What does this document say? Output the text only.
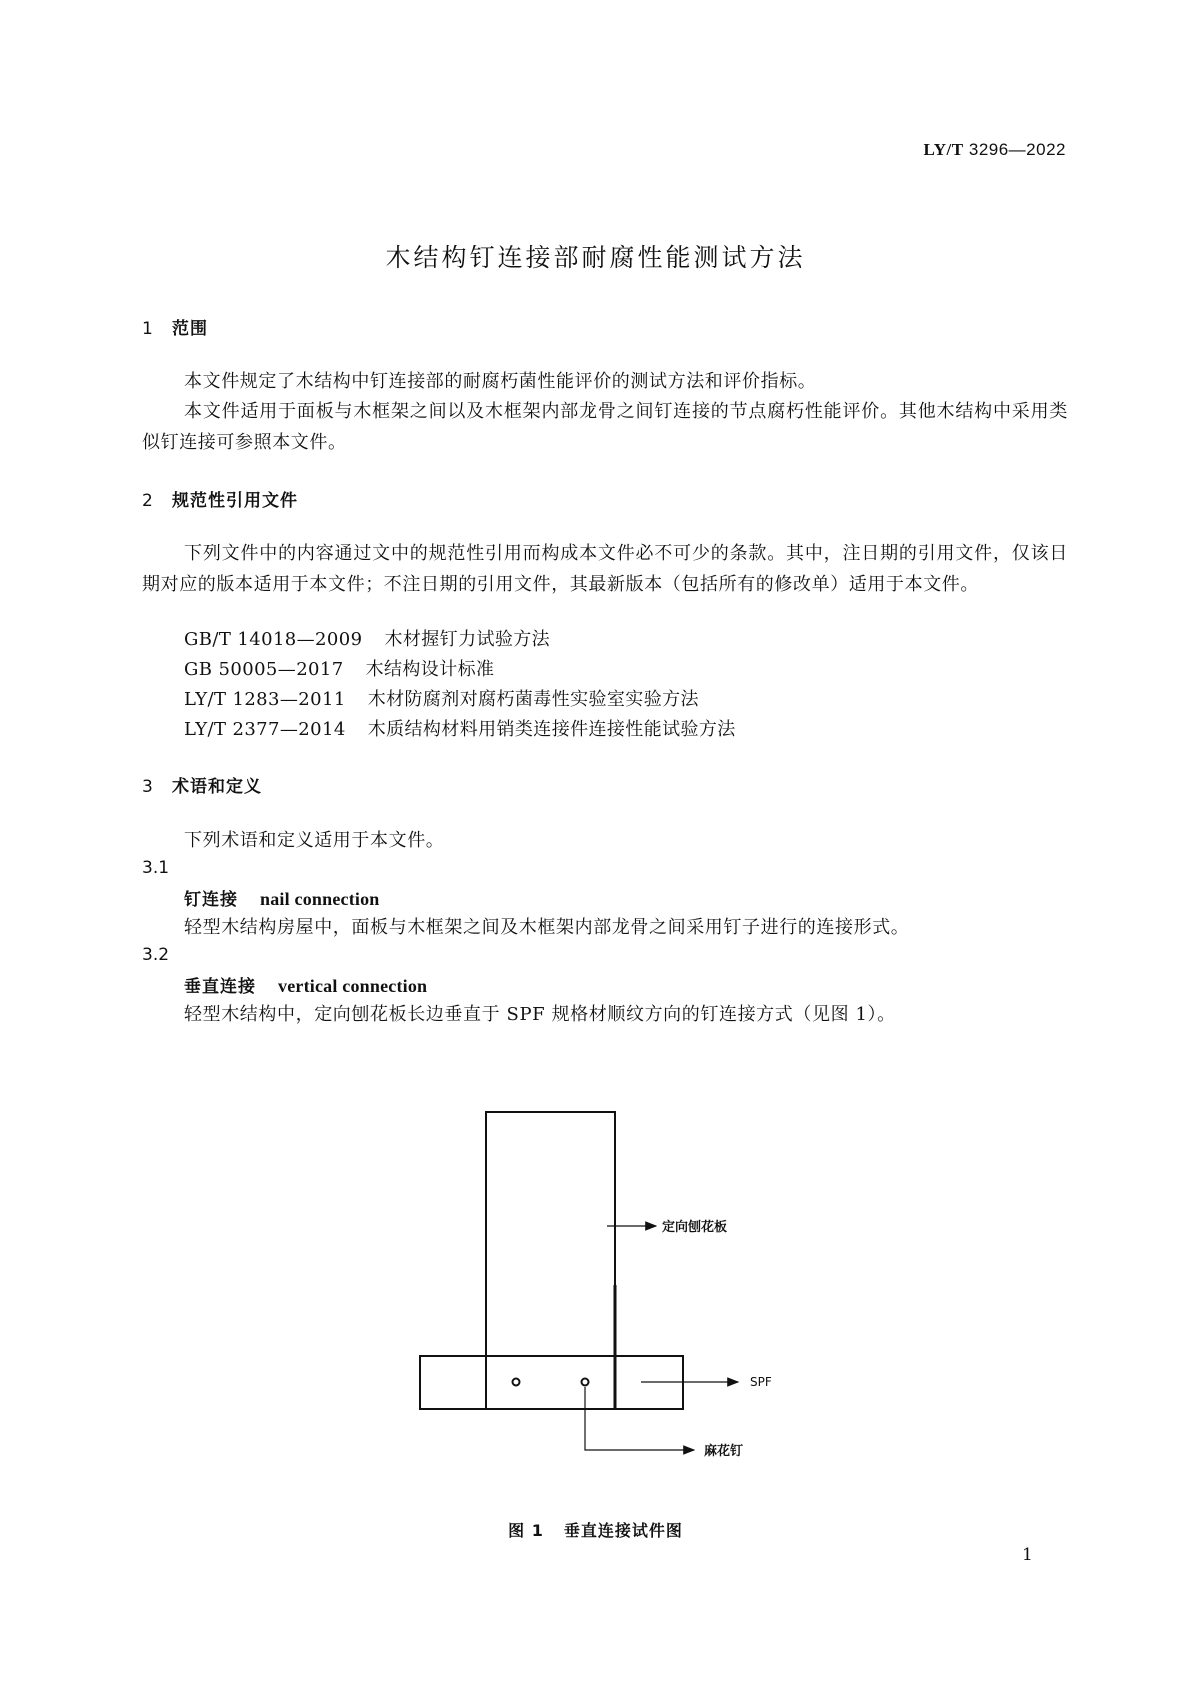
LY/T 3296—2022
木结构钉连接部耐腐性能测试方法
1 范围
本文件规定了木结构中钉连接部的耐腐朽菌性能评价的测试方法和评价指标。
本文件适用于面板与木框架之间以及木框架内部龙骨之间钉连接的节点腐朽性能评价。其他木结构中采用类似钉连接可参照本文件。
2 规范性引用文件
下列文件中的内容通过文中的规范性引用而构成本文件必不可少的条款。其中，注日期的引用文件，仅该日期对应的版本适用于本文件；不注日期的引用文件，其最新版本（包括所有的修改单）适用于本文件。
GB/T 14018—2009 木材握钉力试验方法
GB 50005—2017 木结构设计标准
LY/T 1283—2011 木材防腐剂对腐朽菌毒性实验室实验方法
LY/T 2377—2014 木质结构材料用销类连接件连接性能试验方法
3 术语和定义
下列术语和定义适用于本文件。
3.1
钉连接 nail connection
轻型木结构房屋中，面板与木框架之间及木框架内部龙骨之间采用钉子进行的连接形式。
3.2
垂直连接 vertical connection
轻型木结构中，定向刨花板长边垂直于 SPF 规格材顺纹方向的钉连接方式（见图 1）。
定向刨花板
SPF
麻花钉
图 1 垂直连接试件图
1
